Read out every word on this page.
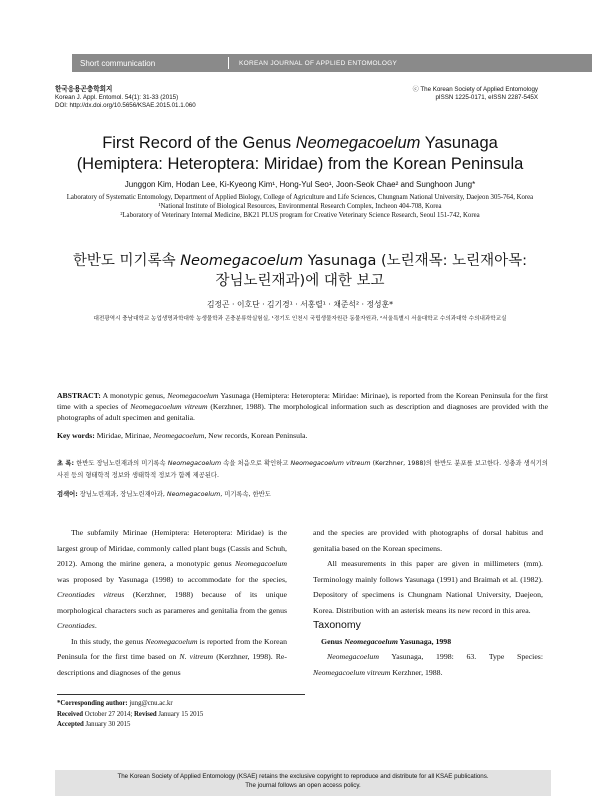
Short communication	KOREAN JOURNAL OF APPLIED ENTOMOLOGY
한국응용곤충학회지
Korean J. Appl. Entomol. 54(1): 31-33 (2015)
DOI: http://dx.doi.org/10.5656/KSAE.2015.01.1.060
ⓒ The Korean Society of Applied Entomology
pISSN 1225-0171, eISSN 2287-545X
First Record of the Genus Neomegacoelum Yasunaga
(Hemiptera: Heteroptera: Miridae) from the Korean Peninsula
Junggon Kim, Hodan Lee, Ki-Kyeong Kim¹, Hong-Yul Seo¹, Joon-Seok Chae² and Sunghoon Jung*
Laboratory of Systematic Entomology, Department of Applied Biology, College of Agriculture and Life Sciences, Chungnam National University, Daejeon 305-764, Korea
¹National Institute of Biological Resources, Environmental Research Complex, Incheon 404-708, Korea
²Laboratory of Veterinary Internal Medicine, BK21 PLUS program for Creative Veterinary Science Research, Seoul 151-742, Korea
한반도 미기록속 Neomegacoelum Yasunaga (노린재목: 노린재아목:
장님노린재과)에 대한 보고
김정곤 · 이호단 · 김기경¹ · 서홍렬¹ · 채준석² · 정성훈*
대전광역시 충남대학교 농업생명과학대학 농생물학과 곤충분류학실험실, ¹경기도 인천시 국립생물자원관 동물자원과, ²서울특별시 서울대학교 수의과대학 수의내과학교실
ABSTRACT: A monotypic genus, Neomegacoelum Yasunaga (Hemiptera: Heteroptera: Miridae: Mirinae), is reported from the Korean Peninsula for the first time with a species of Neomegacoelum vitreum (Kerzhner, 1988). The morphological information such as description and diagnoses are provided with the photographs of adult specimen and genitalia.
Key words: Miridae, Mirinae, Neomegacoelum, New records, Korean Peninsula.
초 록: 한반도 장님노린재과의 미기록속 Neomegacoelum 속을 처음으로 확인하고 Neomegacoelum vitreum (Kerzhner, 1988)의 한반도 분포를 보고한다. 성충과 생식기의 사진 등의 형태학적 정보와 생태학적 정보가 함께 제공된다.
검색어: 장님노린재과, 장님노린재아과, Neomegacoelum, 미기록속, 한반도

The subfamily Mirinae (Hemiptera: Heteroptera: Miridae) is the largest group of Miridae, commonly called plant bugs (Cassis and Schuh, 2012). Among the mirine genera, a monotypic genus Neomegacoelum was proposed by Yasunaga (1998) to accommodate for the species, Creontiades vitreus (Kerzhner, 1988) because of its unique morphological characters such as parameres and genitalia from the genus Creontiades.

In this study, the genus Neomegacoelum is reported from the Korean Peninsula for the first time based on N. vitreum (Kerzhner, 1998). Re-descriptions and diagnoses of the genus

and the species are provided with photographs of dorsal habitus and genitalia based on the Korean specimens.

All measurements in this paper are given in millimeters (mm). Terminology mainly follows Yasunaga (1991) and Braimah et al. (1982). Depository of specimens is Chungnam National University, Daejeon, Korea. Distribution with an asterisk means its new record in this area.

Taxonomy

Genus Neomegacoelum Yasunaga, 1998

Neomegacoelum Yasunaga, 1998: 63. Type Species: Neomegacoelum vitreum Kerzhner, 1988.

*Corresponding author: jung@cnu.ac.kr
Received October 27 2014; Revised January 15 2015
Accepted January 30 2015
The Korean Society of Applied Entomology (KSAE) retains the exclusive copyright to reproduce and distribute for all KSAE publications.
The journal follows an open access policy.
